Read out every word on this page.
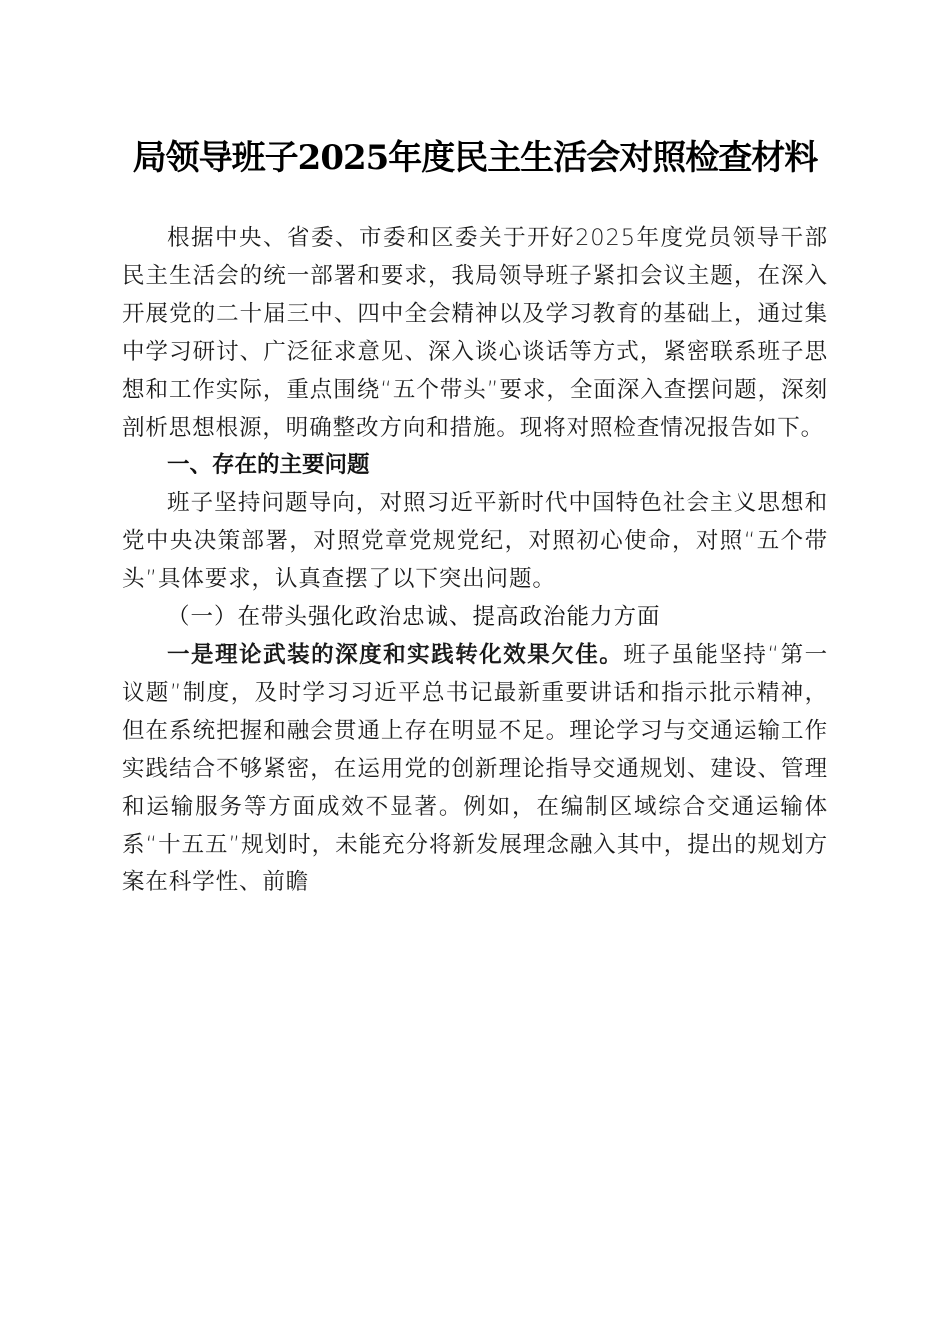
局领导班子2025年度民主生活会对照检查材料

根据中央、省委、市委和区委关于开好2025年度党员领导干部民主生活会的统一部署和要求，我局领导班子紧扣会议主题，在深入开展党的二十届三中、四中全会精神以及学习教育的基础上，通过集中学习研讨、广泛征求意见、深入谈心谈话等方式，紧密联系班子思想和工作实际，重点围绕“五个带头”要求，全面深入查摆问题，深刻剖析思想根源，明确整改方向和措施。现将对照检查情况报告如下。

一、存在的主要问题

班子坚持问题导向，对照习近平新时代中国特色社会主义思想和党中央决策部署，对照党章党规党纪，对照初心使命，对照“五个带头”具体要求，认真查摆了以下突出问题。

（一）在带头强化政治忠诚、提高政治能力方面

一是理论武装的深度和实践转化效果欠佳。班子虽能坚持“第一议题”制度，及时学习习近平总书记最新重要讲话和指示批示精神，但在系统把握和融会贯通上存在明显不足。理论学习与交通运输工作实践结合不够紧密，在运用党的创新理论指导交通规划、建设、管理和运输服务等方面成效不显著。例如，在编制区域综合交通运输体系“十五五”规划时，未能充分将新发展理念融入其中，提出的规划方案在科学性、前瞻
